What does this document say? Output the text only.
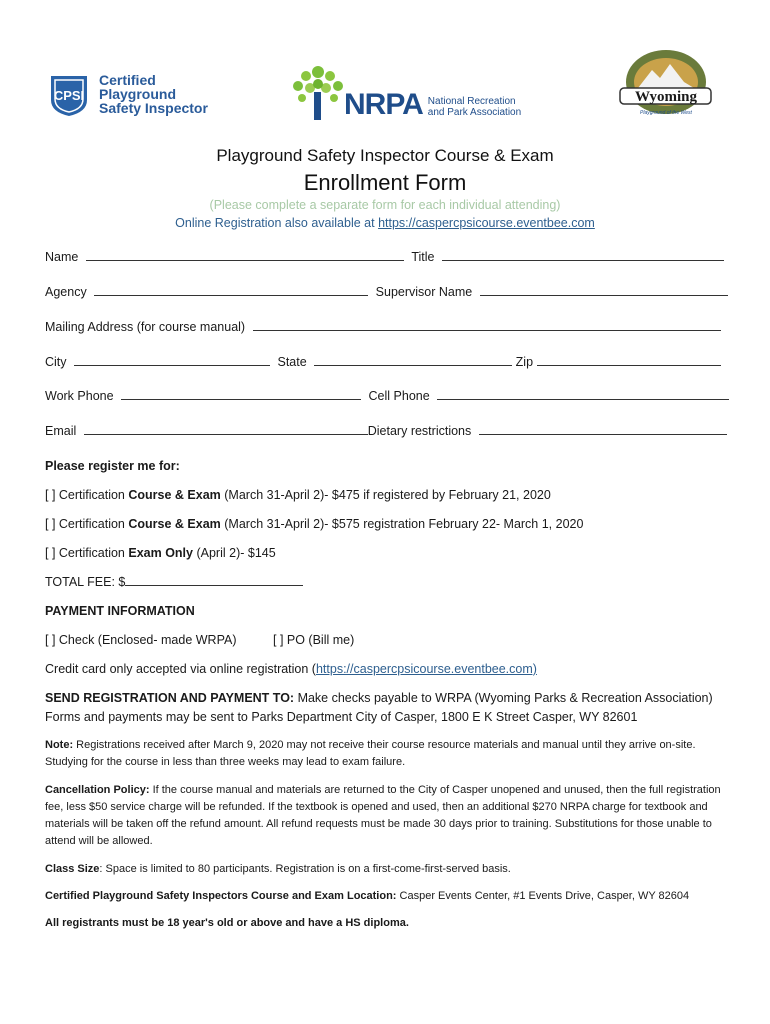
CPSI
Certified
Playground
Safety Inspector	NRPA National Recreation
and Park Association
Wyoming
Playground of the West
Playground Safety Inspector Course & Exam
Enrollment Form
(Please complete a separate form for each individual attending)
Online Registration also available at https://caspercpsicourse.eventbee.com
Name	Title
Agency	Supervisor Name
Mailing Address (for course manual)
City	State	Zip
Work Phone	Cell Phone
Email	Dietary restrictions
Please register me for:
[ ] Certification Course & Exam (March 31-April 2)- $475 if registered by February 21, 2020
[ ] Certification Course & Exam (March 31-April 2)- $575 registration February 22- March 1, 2020
[ ] Certification Exam Only (April 2)- $145
TOTAL FEE: $
PAYMENT INFORMATION
[ ] Check (Enclosed- made WRPA)	[ ] PO (Bill me)
Credit card only accepted via online registration (https://caspercpsicourse.eventbee.com)
SEND REGISTRATION AND PAYMENT TO: Make checks payable to WRPA (Wyoming Parks & Recreation Association)
Forms and payments may be sent to Parks Department City of Casper, 1800 E K Street Casper, WY 82601
Note: Registrations received after March 9, 2020 may not receive their course resource materials and manual until they arrive on-site. Studying for the course in less than three weeks may lead to exam failure.
Cancellation Policy: If the course manual and materials are returned to the City of Casper unopened and unused, then the full registration fee, less $50 service charge will be refunded. If the textbook is opened and used, then an additional $270 NRPA charge for textbook and materials will be taken off the refund amount. All refund requests must be made 30 days prior to training. Substitutions for those unable to attend will be allowed.
Class Size: Space is limited to 80 participants. Registration is on a first-come-first-served basis.
Certified Playground Safety Inspectors Course and Exam Location: Casper Events Center, #1 Events Drive, Casper, WY 82604
All registrants must be 18 year's old or above and have a HS diploma.
